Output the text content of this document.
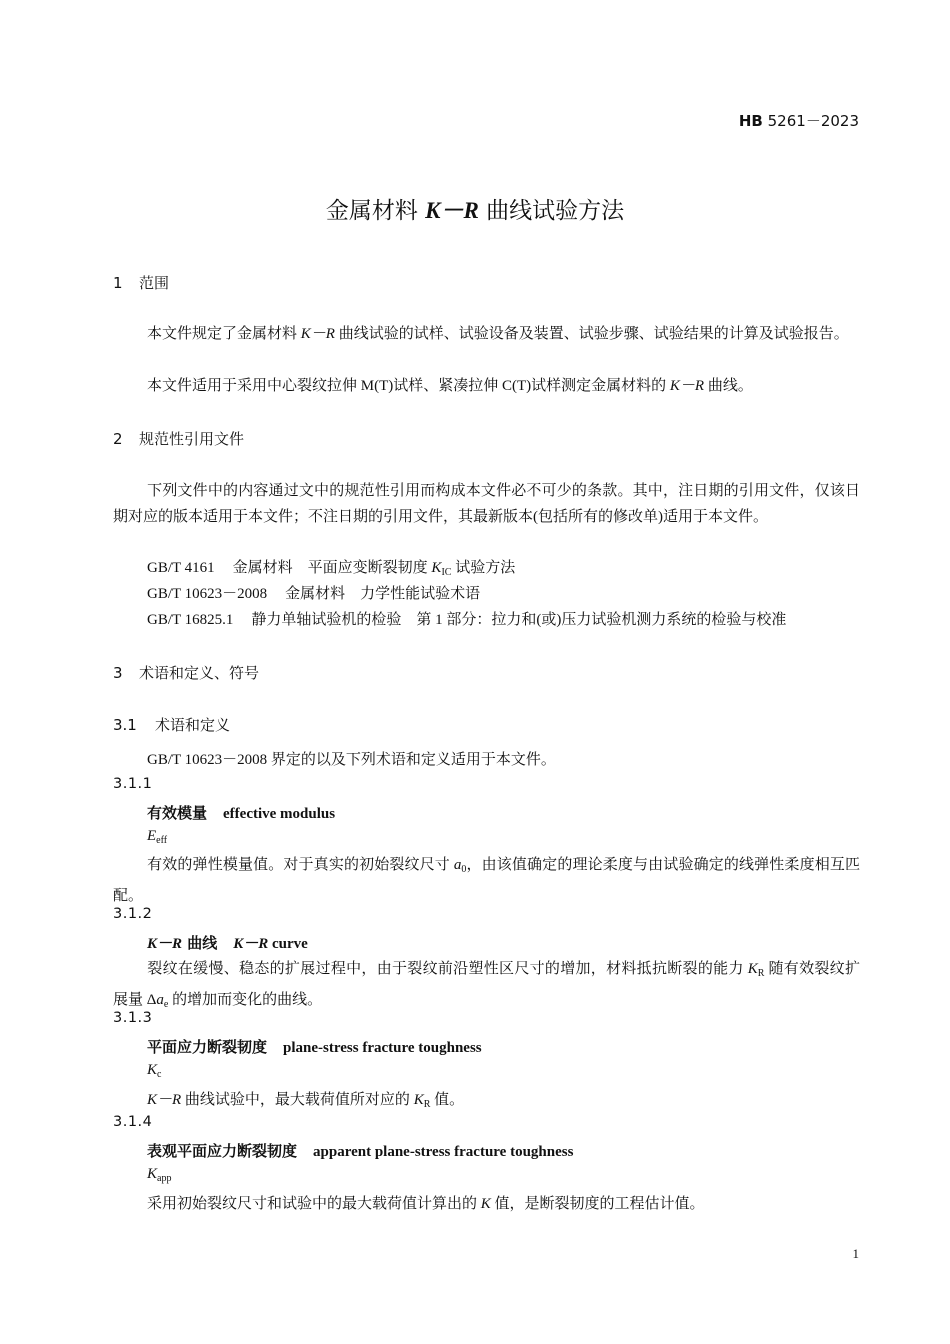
HB 5261－2023
金属材料 K－R 曲线试验方法
1 范围
本文件规定了金属材料 K－R 曲线试验的试样、试验设备及装置、试验步骤、试验结果的计算及试验报告。
本文件适用于采用中心裂纹拉伸 M(T)试样、紧凑拉伸 C(T)试样测定金属材料的 K－R 曲线。
2 规范性引用文件
下列文件中的内容通过文中的规范性引用而构成本文件必不可少的条款。其中，注日期的引用文件，仅该日期对应的版本适用于本文件；不注日期的引用文件，其最新版本(包括所有的修改单)适用于本文件。
GB/T 4161 金属材料　平面应变断裂韧度 $K_{IC}$ 试验方法
GB/T 10623－2008 金属材料　力学性能试验术语
GB/T 16825.1 静力单轴试验机的检验　第 1 部分：拉力和(或)压力试验机测力系统的检验与校准
3 术语和定义、符号
3.1 术语和定义
GB/T 10623－2008 界定的以及下列术语和定义适用于本文件。
3.1.1
有效模量 effective modulus
$E_{eff}$
有效的弹性模量值。对于真实的初始裂纹尺寸 $a_0$，由该值确定的理论柔度与由试验确定的线弹性柔度相互匹配。
3.1.2
K－R 曲线 K－R curve
裂纹在缓慢、稳态的扩展过程中，由于裂纹前沿塑性区尺寸的增加，材料抵抗断裂的能力 $K_R$ 随有效裂纹扩展量 $\Delta a_e$ 的增加而变化的曲线。
3.1.3
平面应力断裂韧度 plane-stress fracture toughness
$K_c$
K－R 曲线试验中，最大载荷值所对应的 $K_R$ 值。
3.1.4
表观平面应力断裂韧度 apparent plane-stress fracture toughness
$K_{app}$
采用初始裂纹尺寸和试验中的最大载荷值计算出的 K 值，是断裂韧度的工程估计值。
1
